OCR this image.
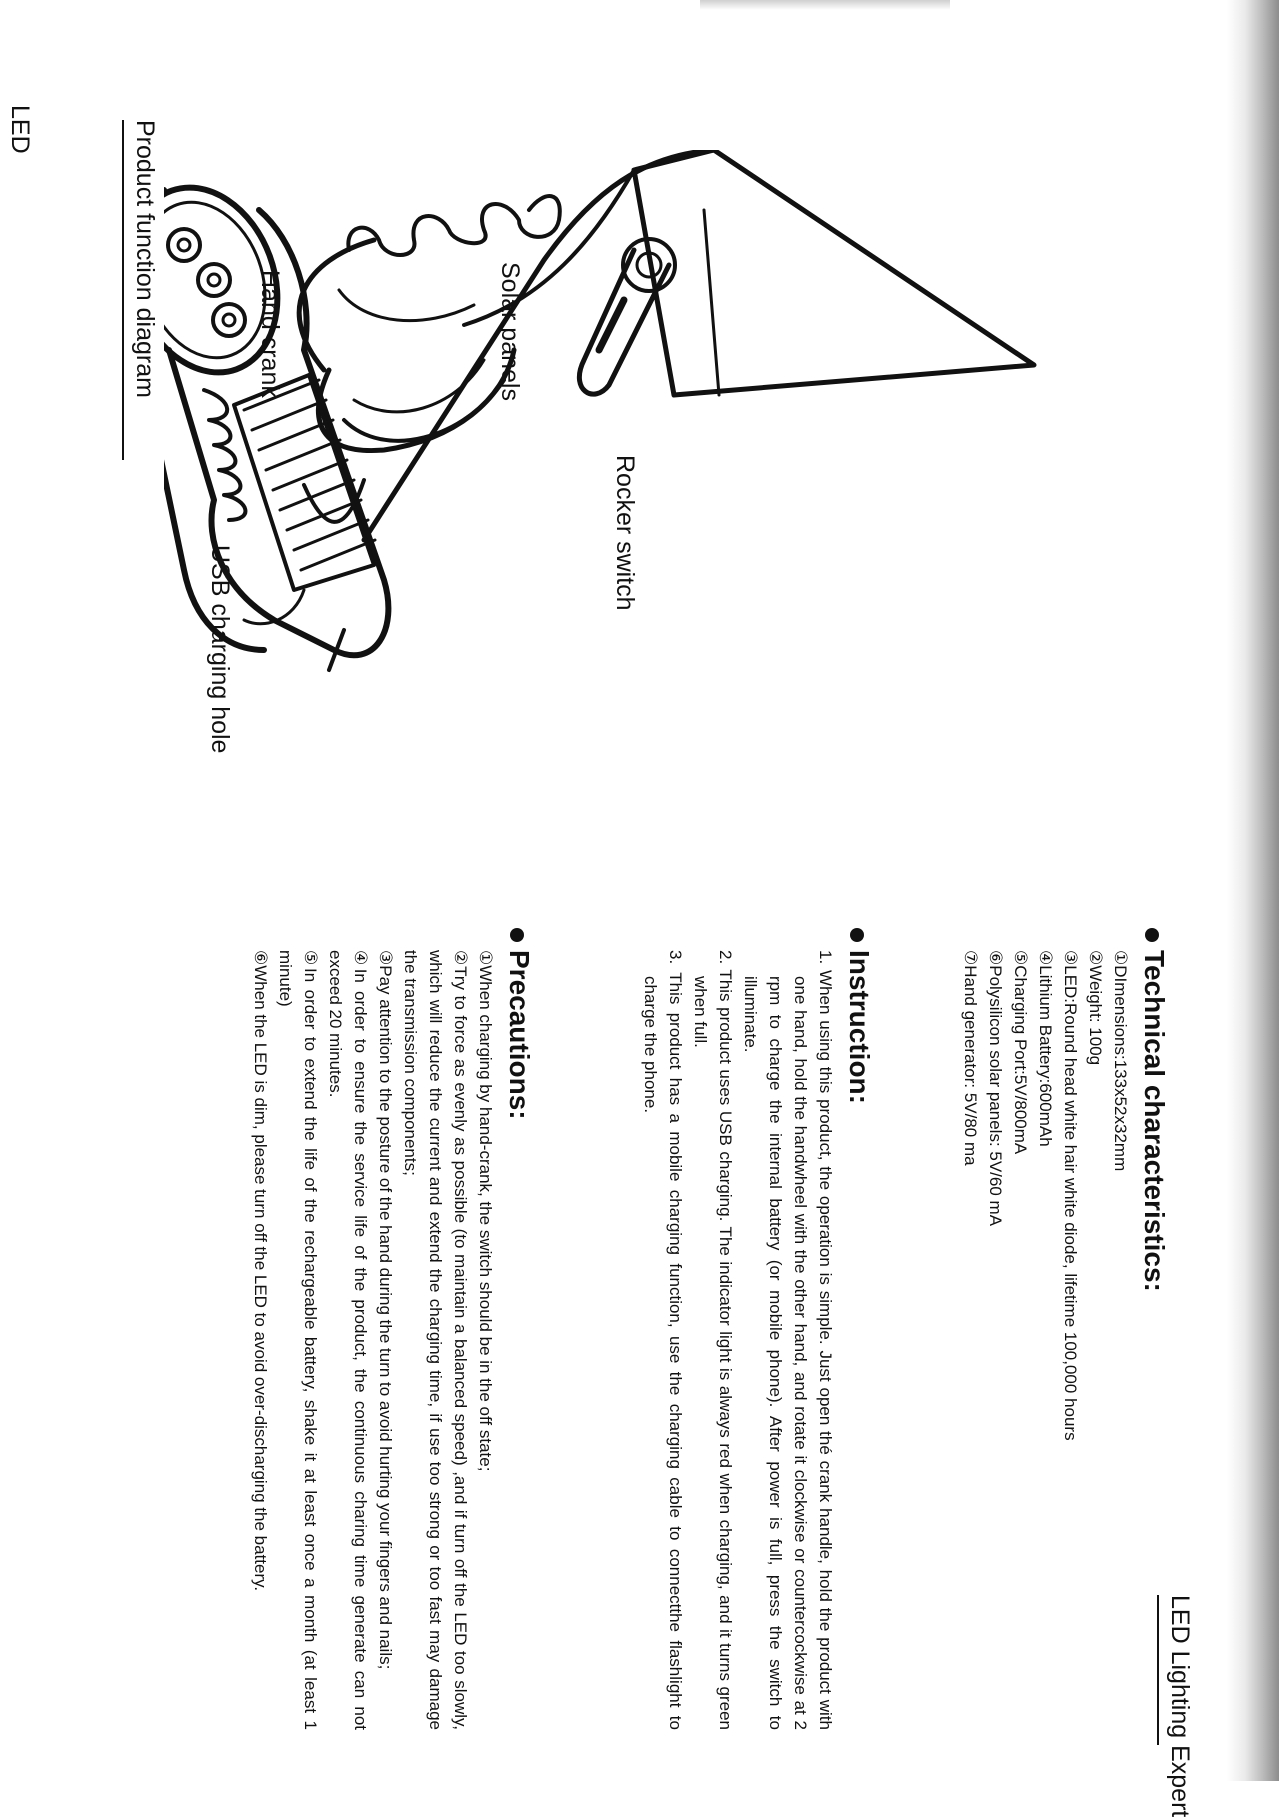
Product function diagram
LED Lighting Expert
Hand crank
LED
Solar panels
Rocker switch
USB charging hole
Technical characteristics:
①DImensions:133x52x32mm
②Weight: 100g
③LED:Round head white hair white diode, lifetime 100,000 hours
④Lithium Battery:600mAh
⑤Charging Port:5V/800mA
⑥Polysilicon solar panels: 5V/60 mA
⑦Hand generator: 5V/80 ma
Instruction:
1. When using this product, the operation is simple. Just open thé crank handle, hold the product with one hand, hold the handwheel with the other hand, and rotate it clockwise or countercockwise at 2 rpm to charge the internal battery (or mobile phone). After power is full, press the switch to illuminate.
2. This product uses USB charging. The indicator light is always red when charging, and it turns green when full.
3. This product has a mobile charging function, use the charging cable to connectthe flashlight to charge the phone.
Precautions:
①When charging by hand-crank, the switch should be in the off state;
②Try to force as evenly as possible (to maintain a balanced speed) ,and if turn off the LED too slowly, which will reduce the current and extend the charging time, if use too strong or too fast may damage the transmission components;
③Pay attention to the posture of the hand during the turn to avoid hurting your fingers and nails;
④In order to ensure the service life of the product, the continuous charing time generate can not exceed 20 minutes.
⑤In order to extend the life of the rechargeable battery, shake it at least once a month (at least 1 minute)
⑥When the LED is dim, please turn off the LED to avoid over-discharging the battery.
